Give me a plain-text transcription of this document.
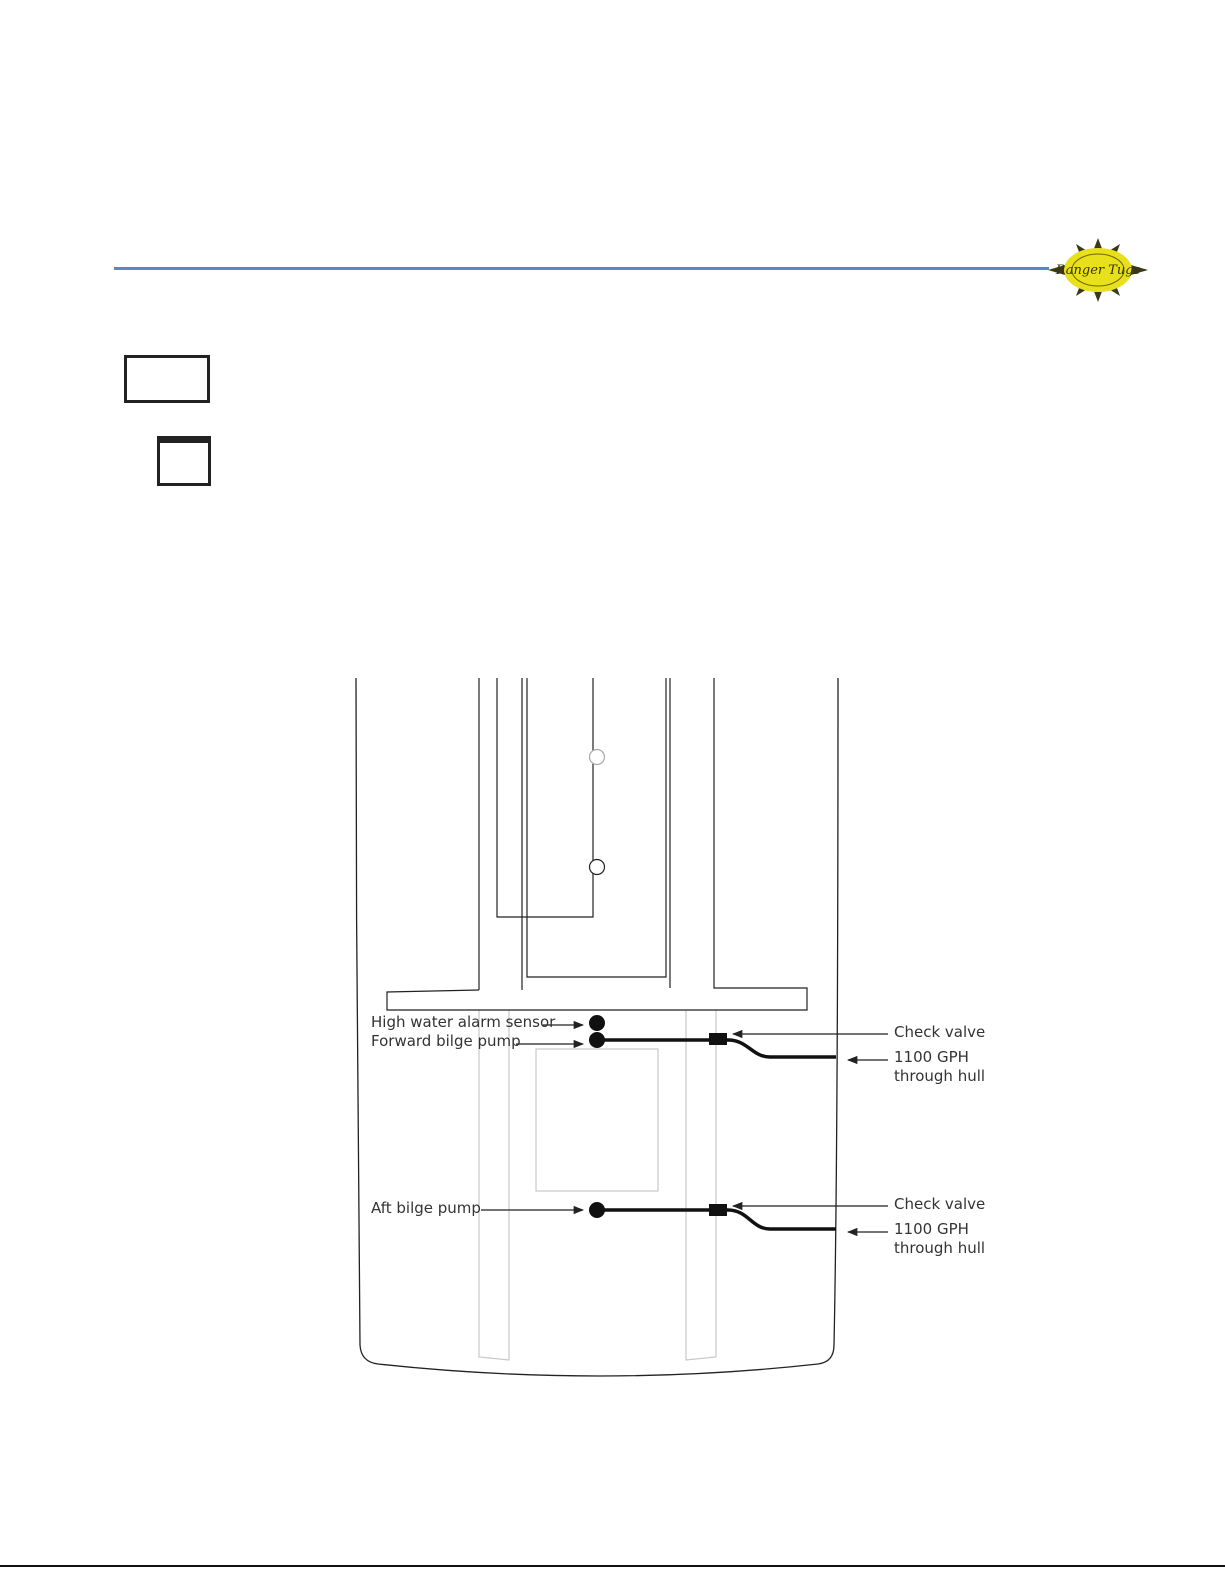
Ranger Tugs
High water alarm sensor
Forward bilge pump
Aft bilge pump
Check valve
1100 GPH
through hull
Check valve
1100 GPH
through hull
